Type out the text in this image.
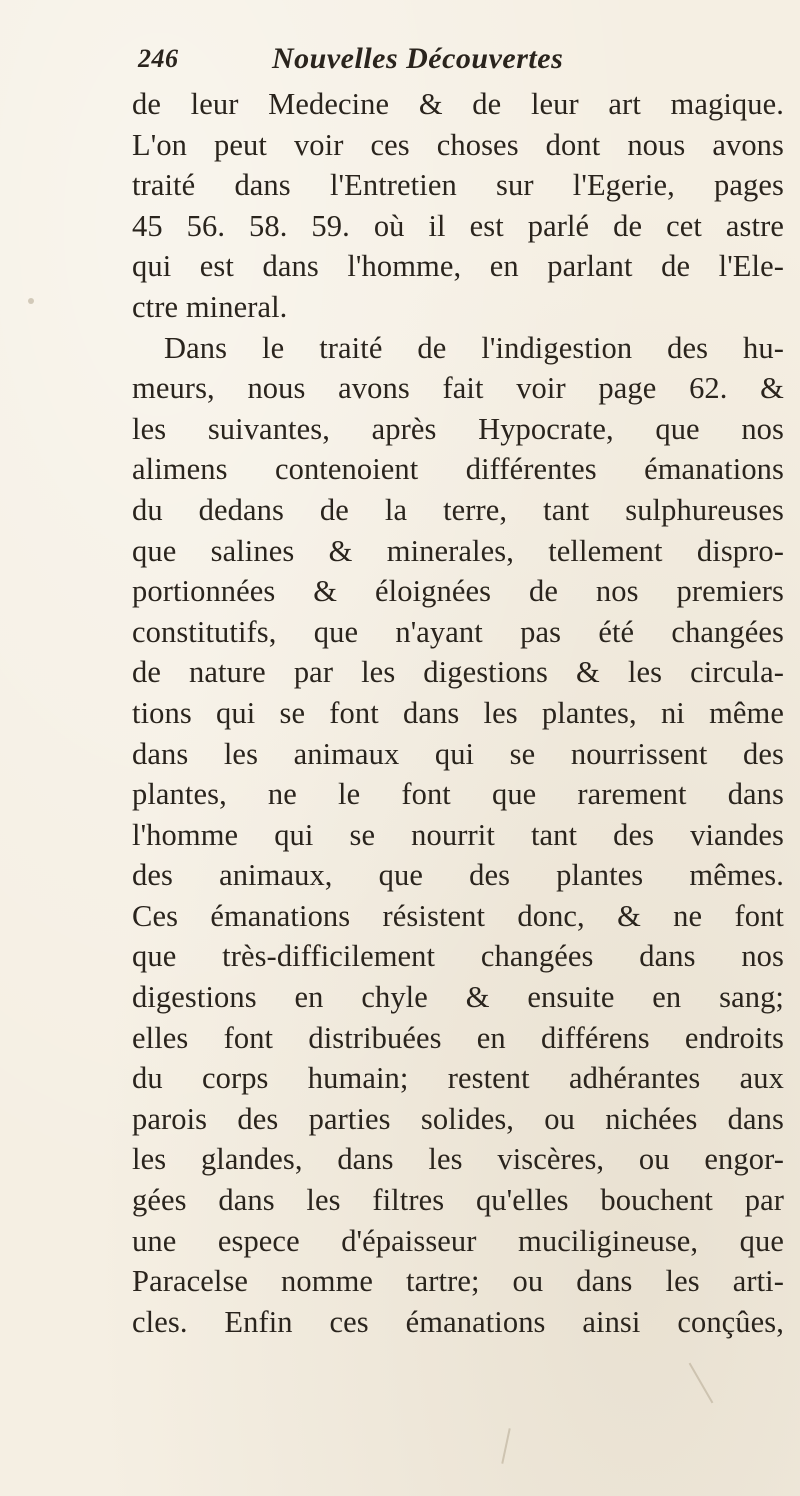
246	Nouvelles Découvertes
de leur Medecine & de leur art magique.
L'on peut voir ces choses dont nous avons
traité dans l'Entretien sur l'Egerie, pages
45 56. 58. 59. où il est parlé de cet astre
qui est dans l'homme, en parlant de l'Ele-
ctre mineral.
Dans le traité de l'indigestion des hu-
meurs, nous avons fait voir page 62. &
les suivantes, après Hypocrate, que nos
alimens contenoient différentes émanations
du dedans de la terre, tant sulphureuses
que salines & minerales, tellement dispro-
portionnées & éloignées de nos premiers
constitutifs, que n'ayant pas été changées
de nature par les digestions & les circula-
tions qui se font dans les plantes, ni même
dans les animaux qui se nourrissent des
plantes, ne le font que rarement dans
l'homme qui se nourrit tant des viandes
des animaux, que des plantes mêmes.
Ces émanations résistent donc, & ne font
que très-difficilement changées dans nos
digestions en chyle & ensuite en sang;
elles font distribuées en différens endroits
du corps humain; restent adhérantes aux
parois des parties solides, ou nichées dans
les glandes, dans les viscères, ou engor-
gées dans les filtres qu'elles bouchent par
une espece d'épaisseur muciligineuse, que
Paracelse nomme tartre; ou dans les arti-
cles. Enfin ces émanations ainsi conçûes,
